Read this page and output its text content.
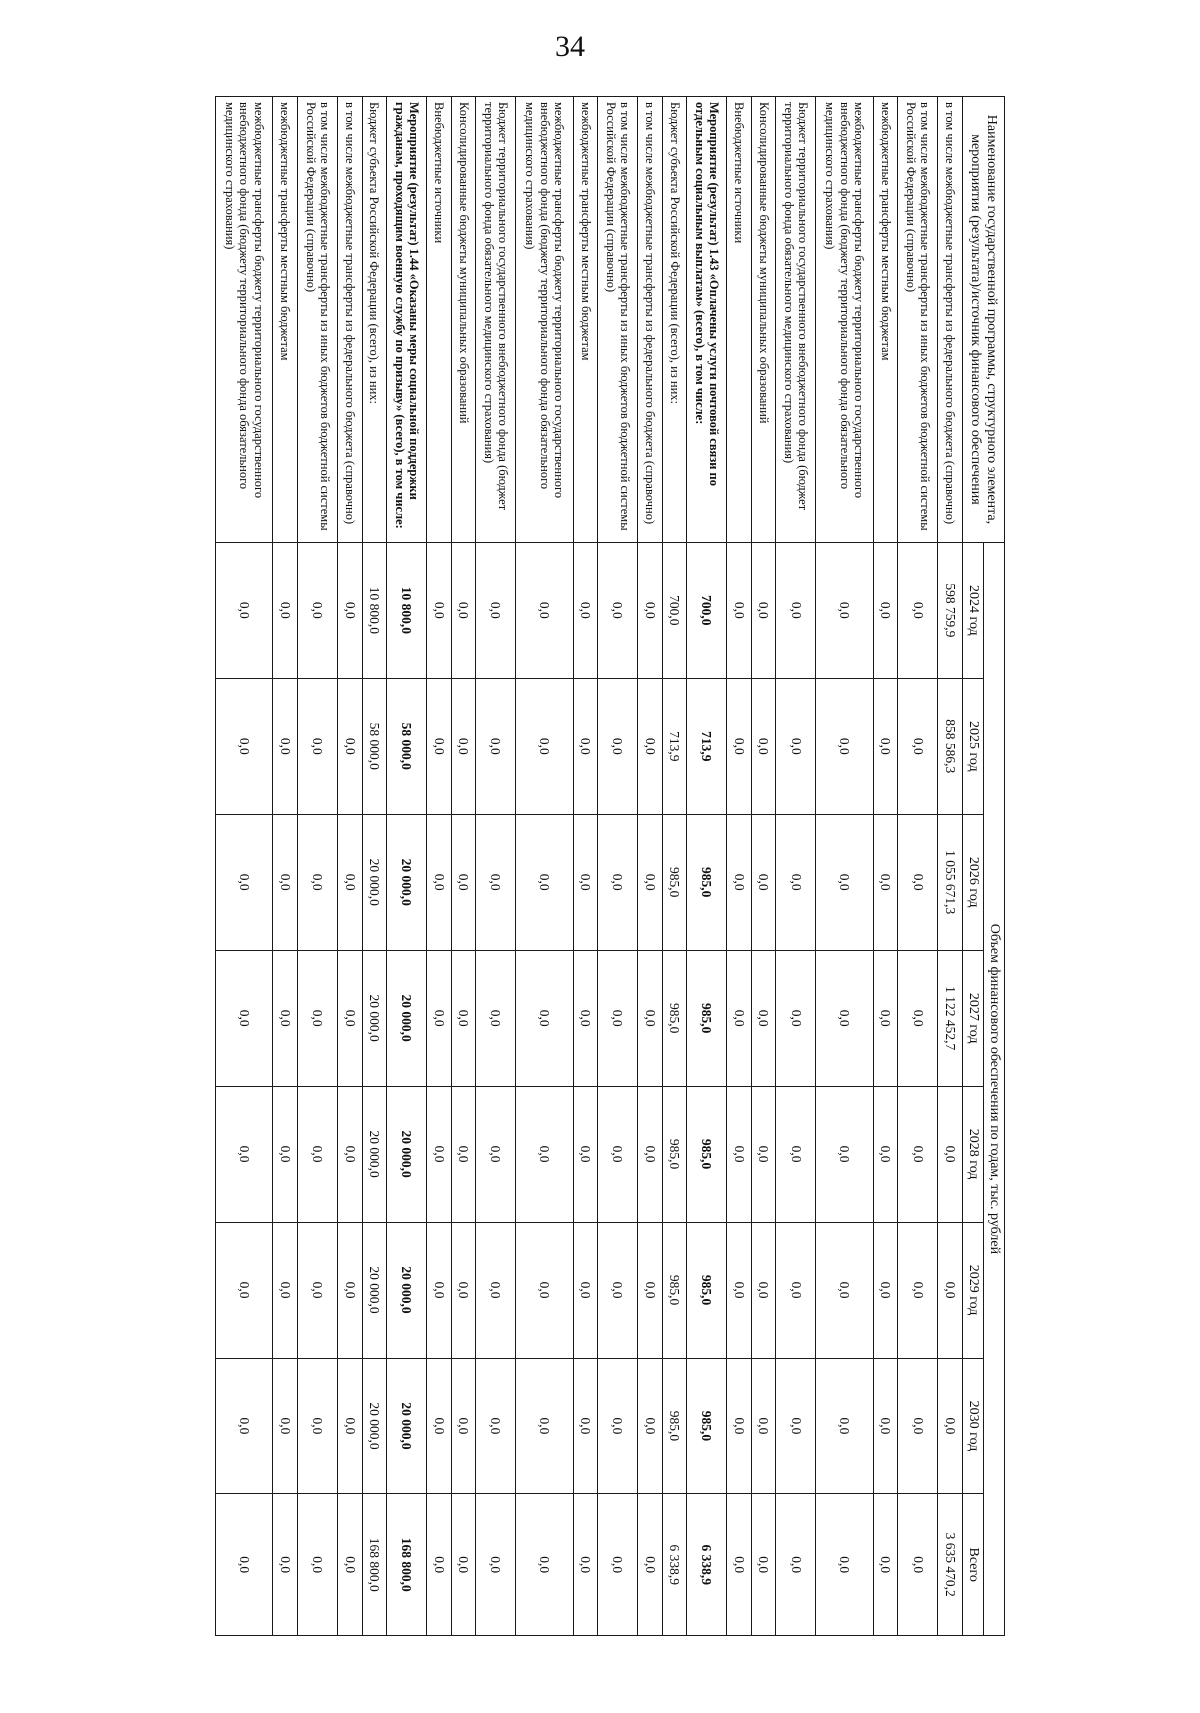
34
Наименование государственной программы, структурного элемента, мероприятия (результата)/источник финансового обеспечения	Объем финансового обеспечения по годам, тыс. рублей							
	2024 год	2025 год	2026 год	2027 год	2028 год	2029 год	2030 год	Всего
в том числе межбюджетные трансферты из федерального бюджета (справочно)	598 759,9	858 586,3	1 055 671,3	1 122 452,7	0,0	0,0	0,0	3 635 470,2
в том числе межбюджетные трансферты из иных бюджетов бюджетной системы Российской Федерации (справочно)	0,0	0,0	0,0	0,0	0,0	0,0	0,0	0,0
межбюджетные трансферты местным бюджетам	0,0	0,0	0,0	0,0	0,0	0,0	0,0	0,0
межбюджетные трансферты бюджету территориального государственного внебюджетного фонда (бюджету территориального фонда обязательного медицинского страхования)	0,0	0,0	0,0	0,0	0,0	0,0	0,0	0,0
Бюджет территориального государственного внебюджетного фонда (бюджет территориального фонда обязательного медицинского страхования)	0,0	0,0	0,0	0,0	0,0	0,0	0,0	0,0
Консолидированные бюджеты муниципальных образований	0,0	0,0	0,0	0,0	0,0	0,0	0,0	0,0
Внебюджетные источники	0,0	0,0	0,0	0,0	0,0	0,0	0,0	0,0
Мероприятие (результат) 1.43 «Оплачены услуги почтовой связи по отдельным социальным выплатам» (всего), в том числе:	700,0	713,9	985,0	985,0	985,0	985,0	985,0	6 338,9
Бюджет субъекта Российской Федерации (всего), из них:	700,0	713,9	985,0	985,0	985,0	985,0	985,0	6 338,9
в том числе межбюджетные трансферты из федерального бюджета (справочно)	0,0	0,0	0,0	0,0	0,0	0,0	0,0	0,0
в том числе межбюджетные трансферты из иных бюджетов бюджетной системы Российской Федерации (справочно)	0,0	0,0	0,0	0,0	0,0	0,0	0,0	0,0
межбюджетные трансферты местным бюджетам	0,0	0,0	0,0	0,0	0,0	0,0	0,0	0,0
межбюджетные трансферты бюджету территориального государственного внебюджетного фонда (бюджету территориального фонда обязательного медицинского страхования)	0,0	0,0	0,0	0,0	0,0	0,0	0,0	0,0
Бюджет территориального государственного внебюджетного фонда (бюджет территориального фонда обязательного медицинского страхования)	0,0	0,0	0,0	0,0	0,0	0,0	0,0	0,0
Консолидированные бюджеты муниципальных образований	0,0	0,0	0,0	0,0	0,0	0,0	0,0	0,0
Внебюджетные источники	0,0	0,0	0,0	0,0	0,0	0,0	0,0	0,0
Мероприятие (результат) 1.44 «Оказаны меры социальной поддержки гражданам, проходящим военную службу по призыву» (всего), в том числе:	10 800,0	58 000,0	20 000,0	20 000,0	20 000,0	20 000,0	20 000,0	168 800,0
Бюджет субъекта Российской Федерации (всего), из них:	10 800,0	58 000,0	20 000,0	20 000,0	20 000,0	20 000,0	20 000,0	168 800,0
в том числе межбюджетные трансферты из федерального бюджета (справочно)	0,0	0,0	0,0	0,0	0,0	0,0	0,0	0,0
в том числе межбюджетные трансферты из иных бюджетов бюджетной системы Российской Федерации (справочно)	0,0	0,0	0,0	0,0	0,0	0,0	0,0	0,0
межбюджетные трансферты местным бюджетам	0,0	0,0	0,0	0,0	0,0	0,0	0,0	0,0
межбюджетные трансферты бюджету территориального государственного внебюджетного фонда (бюджету территориального фонда обязательного медицинского страхования)	0,0	0,0	0,0	0,0	0,0	0,0	0,0	0,0
